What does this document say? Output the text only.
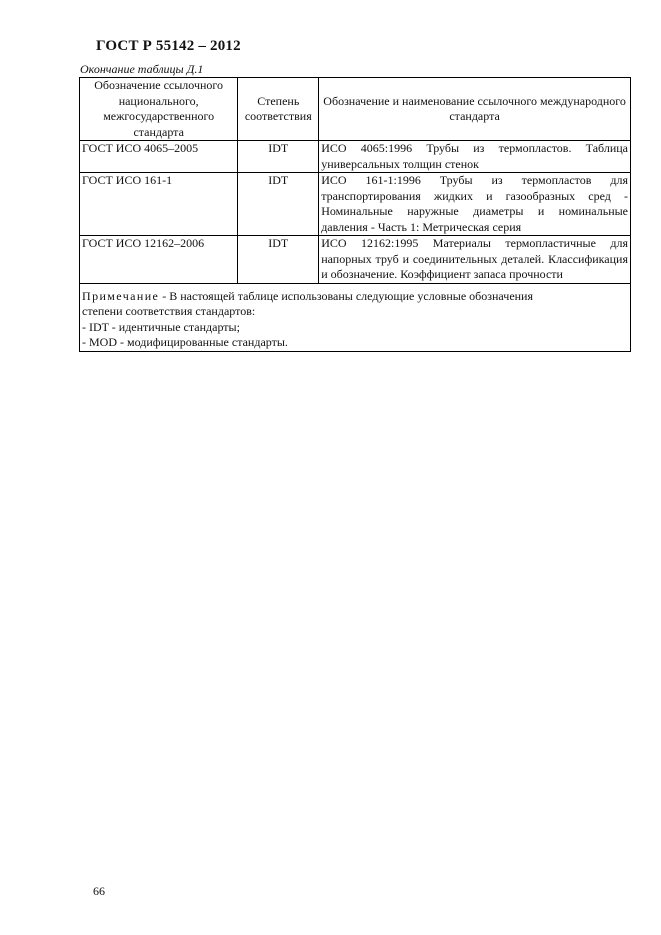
ГОСТ Р 55142 – 2012
Окончание таблицы Д.1
Обозначение ссылочного национального, межгосударственного стандарта	Степень соответствия	Обозначение и наименование ссылочного международного стандарта
ГОСТ ИСО 4065–2005	IDT	ИСО 4065:1996 Трубы из термопластов. Таблица универсальных толщин стенок
ГОСТ ИСО 161-1	IDT	ИСО 161-1:1996 Трубы из термопластов для транспортирования жидких и газообразных сред - Номинальные наружные диаметры и номинальные давления - Часть 1: Метрическая серия
ГОСТ ИСО 12162–2006	IDT	ИСО 12162:1995 Материалы термопластичные для напорных труб и соединительных деталей. Классификация и обозначение. Коэффициент запаса прочности

Примечание - В настоящей таблице использованы следующие условные обозначения
степени соответствия стандартов:
- IDT - идентичные стандарты;
- MOD - модифицированные стандарты.		
66
